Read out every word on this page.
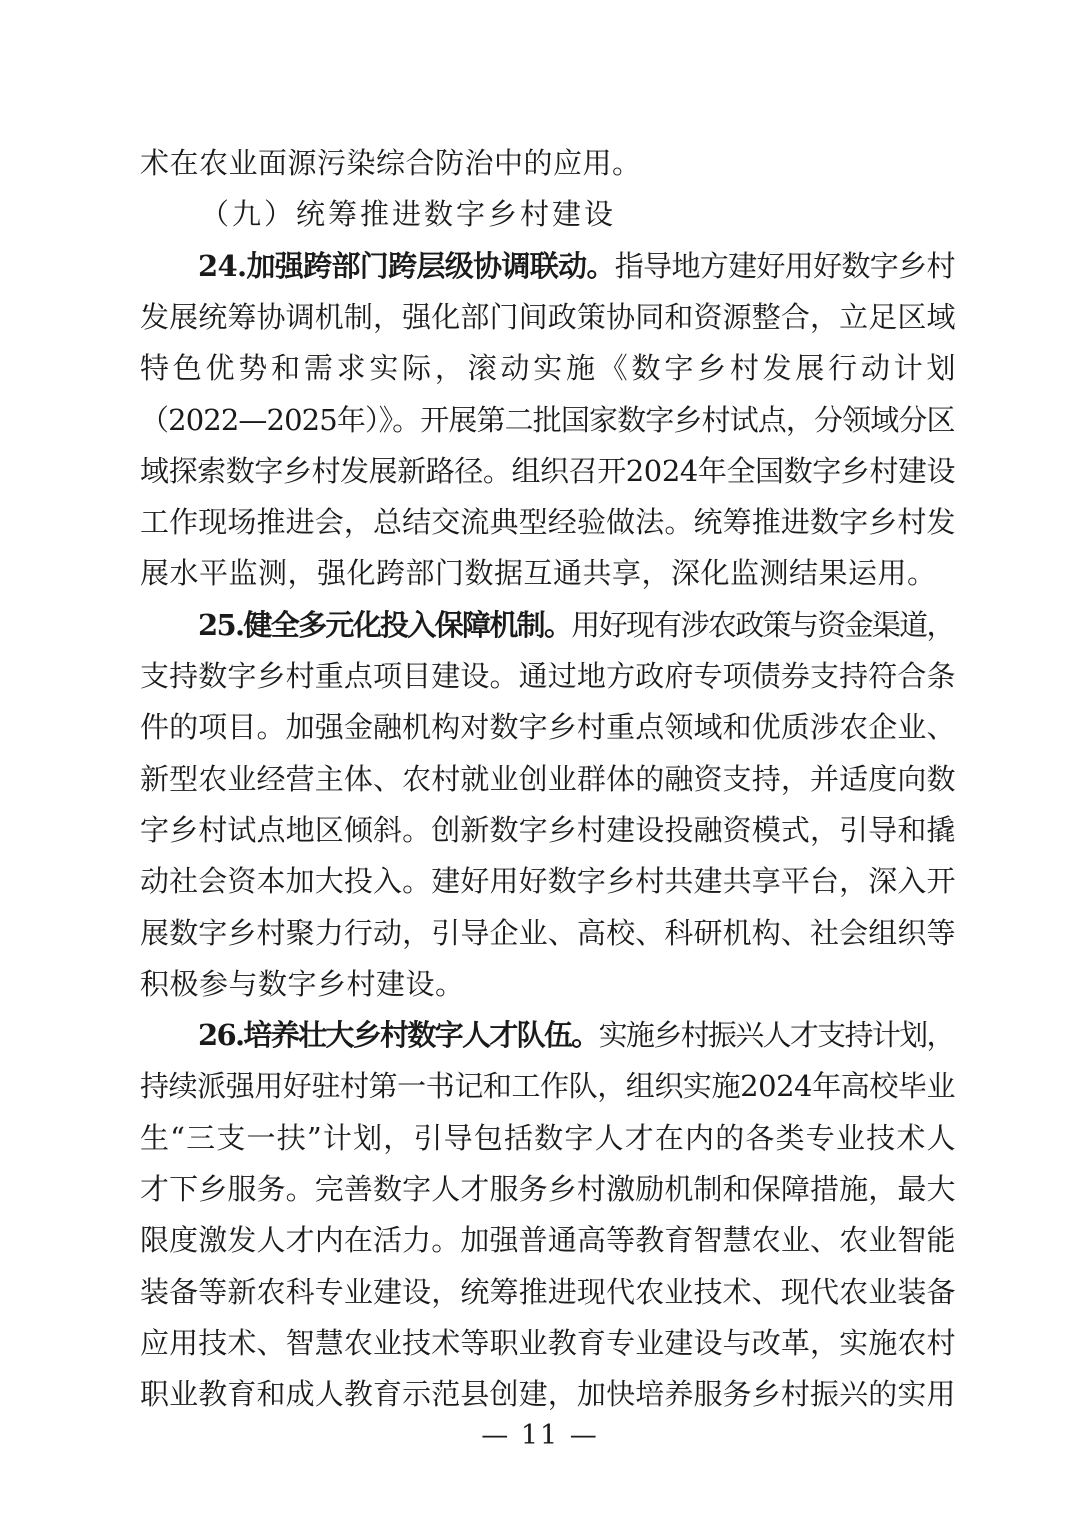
术在农业面源污染综合防治中的应用。
（九）统筹推进数字乡村建设
24.加强跨部门跨层级协调联动。指导地方建好用好数字乡村
发展统筹协调机制，强化部门间政策协同和资源整合，立足区域
特色优势和需求实际，滚动实施《数字乡村发展行动计划
（2022—2025年）》。开展第二批国家数字乡村试点，分领域分区
域探索数字乡村发展新路径。组织召开2024年全国数字乡村建设
工作现场推进会，总结交流典型经验做法。统筹推进数字乡村发
展水平监测，强化跨部门数据互通共享，深化监测结果运用。
25.健全多元化投入保障机制。用好现有涉农政策与资金渠道，
支持数字乡村重点项目建设。通过地方政府专项债券支持符合条
件的项目。加强金融机构对数字乡村重点领域和优质涉农企业、
新型农业经营主体、农村就业创业群体的融资支持，并适度向数
字乡村试点地区倾斜。创新数字乡村建设投融资模式，引导和撬
动社会资本加大投入。建好用好数字乡村共建共享平台，深入开
展数字乡村聚力行动，引导企业、高校、科研机构、社会组织等
积极参与数字乡村建设。
26.培养壮大乡村数字人才队伍。实施乡村振兴人才支持计划，
持续派强用好驻村第一书记和工作队，组织实施2024年高校毕业
生“三支一扶”计划，引导包括数字人才在内的各类专业技术人
才下乡服务。完善数字人才服务乡村激励机制和保障措施，最大
限度激发人才内在活力。加强普通高等教育智慧农业、农业智能
装备等新农科专业建设，统筹推进现代农业技术、现代农业装备
应用技术、智慧农业技术等职业教育专业建设与改革，实施农村
职业教育和成人教育示范县创建，加快培养服务乡村振兴的实用
— 11 —
